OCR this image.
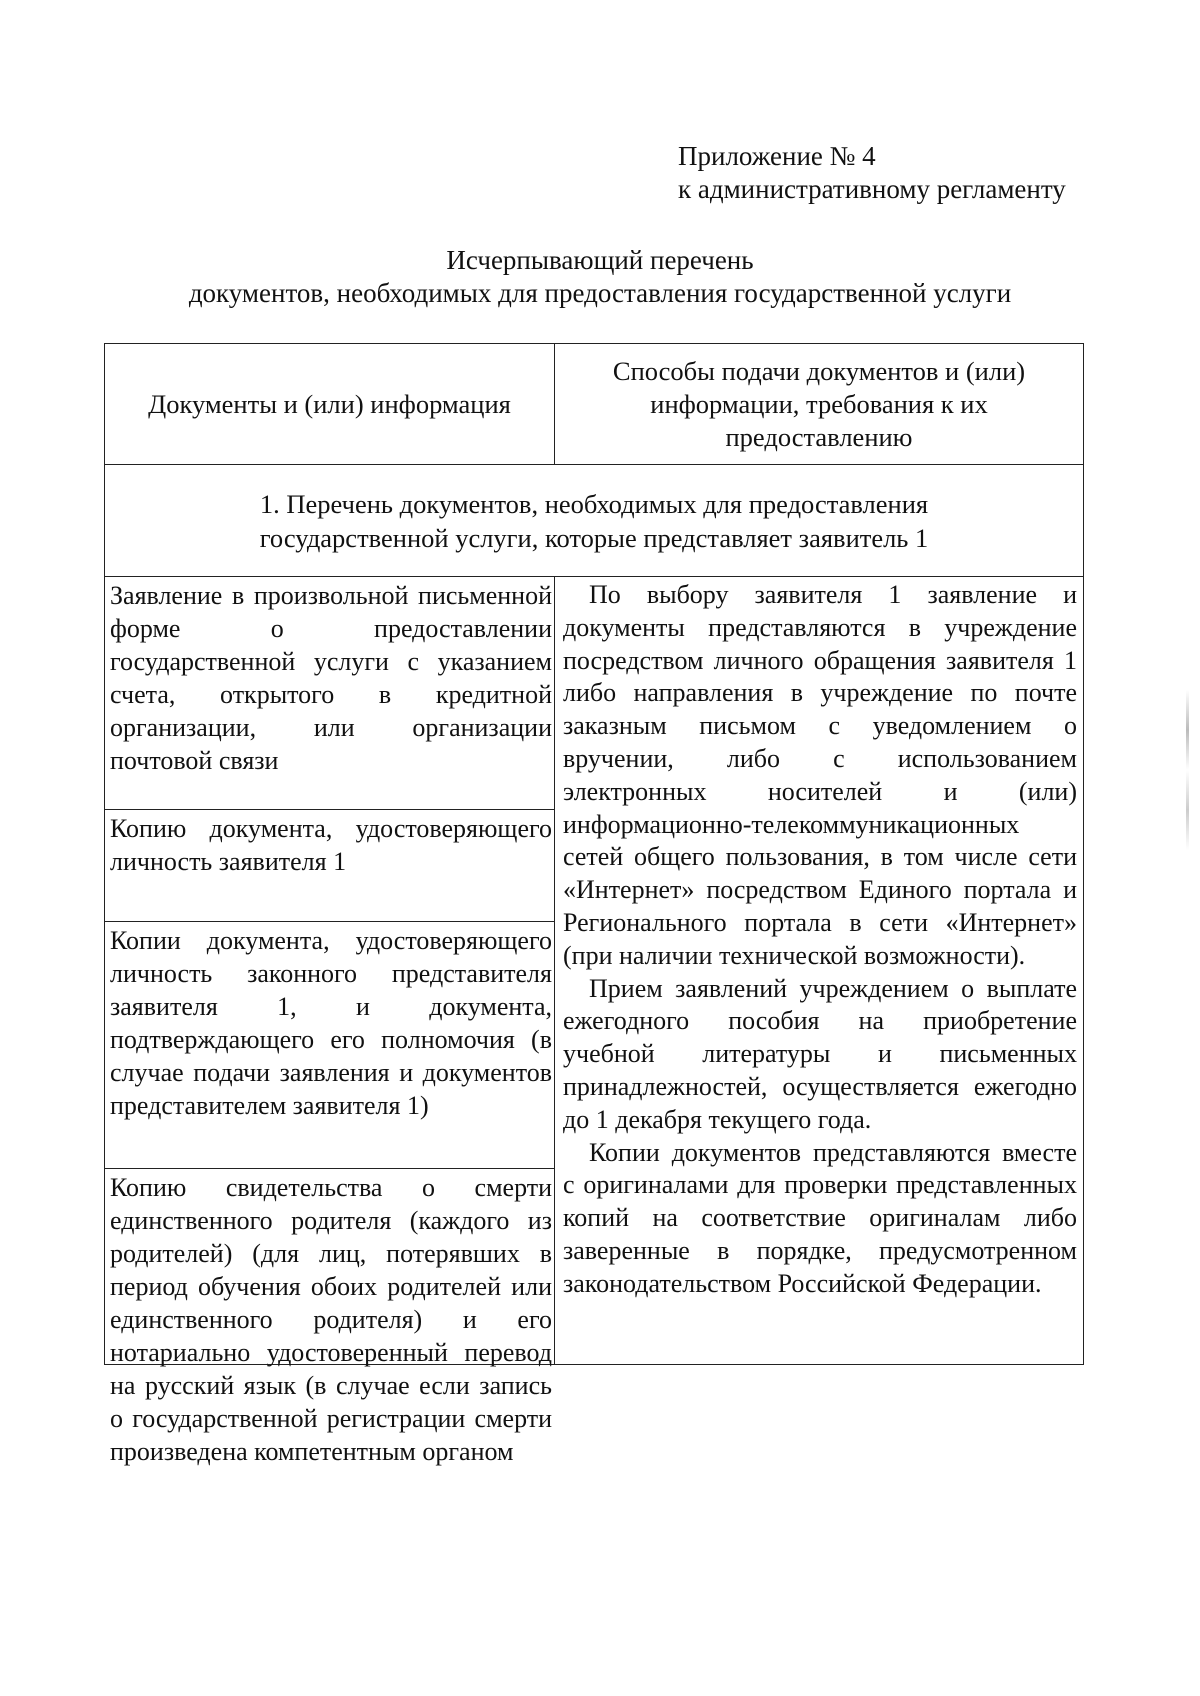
Приложение № 4
к административному регламенту
Исчерпывающий перечень
документов, необходимых для предоставления государственной услуги
Документы и (или) информация
Способы подачи документов и (или) информации, требования к их предоставлению
1. Перечень документов, необходимых для предоставления государственной услуги, которые представляет заявитель 1
Заявление в произвольной письменной форме о предоставлении государственной услуги с указанием счета, открытого в кредитной организации, или организации почтовой связи
Копию документа, удостоверяющего личность заявителя 1
Копии документа, удостоверяющего личность законного представителя заявителя 1, и документа, подтверждающего его полномочия (в случае подачи заявления и документов представителем заявителя 1)
Копию свидетельства о смерти единственного родителя (каждого из родителей) (для лиц, потерявших в период обучения обоих родителей или единственного родителя) и его нотариально удостоверенный перевод на русский язык (в случае если запись о государственной регистрации смерти произведена компетентным органом

По выбору заявителя 1 заявление и документы представляются в учреждение посредством личного обращения заявителя 1 либо направления в учреждение по почте заказным письмом с уведомлением о вручении, либо с использованием электронных носителей и (или) информационно-телекоммуникационных сетей общего пользования, в том числе сети «Интернет» посредством Единого портала и Регионального портала в сети «Интернет» (при наличии технической возможности).

Прием заявлений учреждением о выплате ежегодного пособия на приобретение учебной литературы и письменных принадлежностей, осуществляется ежегодно до 1 декабря текущего года.

Копии документов представляются вместе с оригиналами для проверки представленных копий на соответствие оригиналам либо заверенные в порядке, предусмотренном законодательством Российской Федерации.
